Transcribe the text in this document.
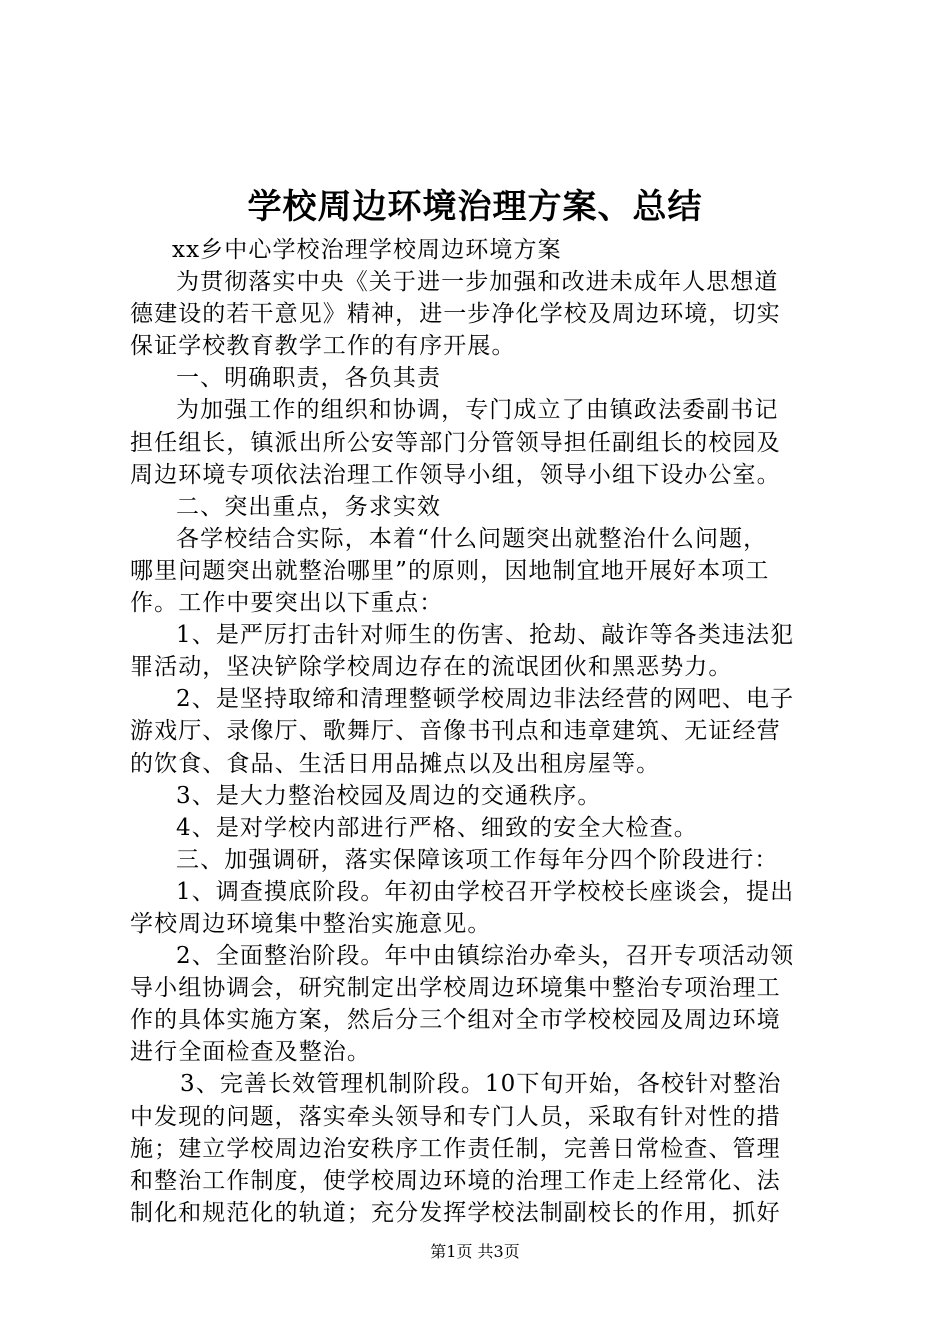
学校周边环境治理方案、总结
xx乡中心学校治理学校周边环境方案
为贯彻落实中央《关于进一步加强和改进未成年人思想道
德建设的若干意见》精神，进一步净化学校及周边环境，切实
保证学校教育教学工作的有序开展。
一、明确职责，各负其责
为加强工作的组织和协调，专门成立了由镇政法委副书记
担任组长，镇派出所公安等部门分管领导担任副组长的校园及
周边环境专项依法治理工作领导小组，领导小组下设办公室。
二、突出重点，务求实效
各学校结合实际，本着“什么问题突出就整治什么问题，
哪里问题突出就整治哪里”的原则，因地制宜地开展好本项工
作。工作中要突出以下重点：
1、是严厉打击针对师生的伤害、抢劫、敲诈等各类违法犯
罪活动，坚决铲除学校周边存在的流氓团伙和黑恶势力。
2、是坚持取缔和清理整顿学校周边非法经营的网吧、电子
游戏厅、录像厅、歌舞厅、音像书刊点和违章建筑、无证经营
的饮食、食品、生活日用品摊点以及出租房屋等。
3、是大力整治校园及周边的交通秩序。
4、是对学校内部进行严格、细致的安全大检查。
三、加强调研，落实保障该项工作每年分四个阶段进行：
1、调查摸底阶段。年初由学校召开学校校长座谈会，提出
学校周边环境集中整治实施意见。
2、全面整治阶段。年中由镇综治办牵头，召开专项活动领
导小组协调会，研究制定出学校周边环境集中整治专项治理工
作的具体实施方案，然后分三个组对全市学校校园及周边环境
进行全面检查及整治。
3、完善长效管理机制阶段。10下旬开始，各校针对整治
中发现的问题，落实牵头领导和专门人员，采取有针对性的措
施；建立学校周边治安秩序工作责任制，完善日常检查、管理
和整治工作制度，使学校周边环境的治理工作走上经常化、法
制化和规范化的轨道；充分发挥学校法制副校长的作用，抓好
第1页 共3页
